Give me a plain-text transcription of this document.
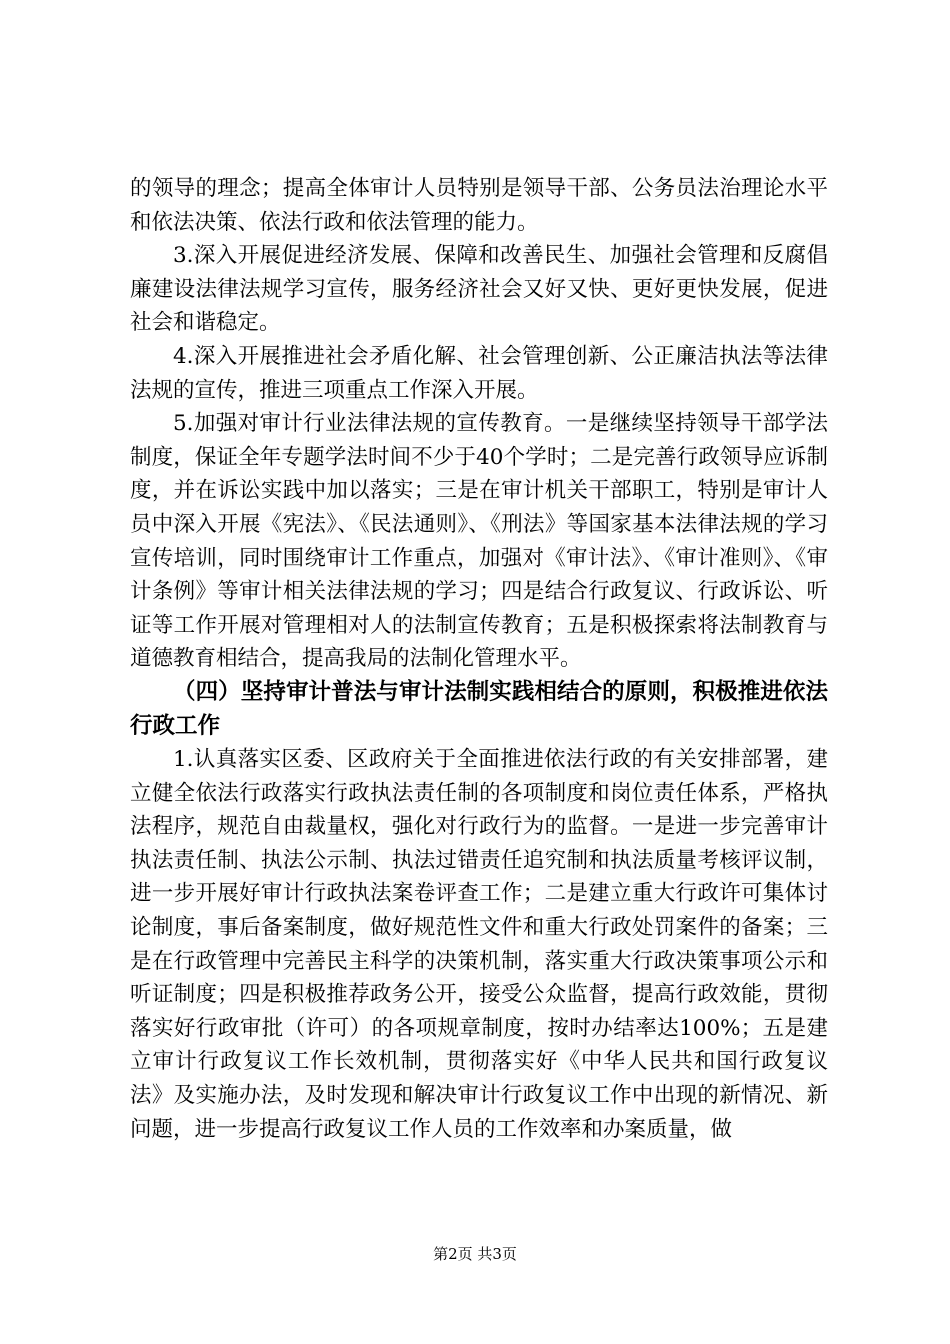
的领导的理念；提高全体审计人员特别是领导干部、公务员法治理论水平和依法决策、依法行政和依法管理的能力。

3.深入开展促进经济发展、保障和改善民生、加强社会管理和反腐倡廉建设法律法规学习宣传，服务经济社会又好又快、更好更快发展，促进社会和谐稳定。

4.深入开展推进社会矛盾化解、社会管理创新、公正廉洁执法等法律法规的宣传，推进三项重点工作深入开展。

5.加强对审计行业法律法规的宣传教育。一是继续坚持领导干部学法制度，保证全年专题学法时间不少于40个学时；二是完善行政领导应诉制度，并在诉讼实践中加以落实；三是在审计机关干部职工，特别是审计人员中深入开展《宪法》、《民法通则》、《刑法》等国家基本法律法规的学习宣传培训，同时围绕审计工作重点，加强对《审计法》、《审计准则》、《审计条例》等审计相关法律法规的学习；四是结合行政复议、行政诉讼、听证等工作开展对管理相对人的法制宣传教育；五是积极探索将法制教育与道德教育相结合，提高我局的法制化管理水平。

（四）坚持审计普法与审计法制实践相结合的原则，积极推进依法行政工作

1.认真落实区委、区政府关于全面推进依法行政的有关安排部署，建立健全依法行政落实行政执法责任制的各项制度和岗位责任体系，严格执法程序，规范自由裁量权，强化对行政行为的监督。一是进一步完善审计执法责任制、执法公示制、执法过错责任追究制和执法质量考核评议制，进一步开展好审计行政执法案卷评查工作；二是建立重大行政许可集体讨论制度，事后备案制度，做好规范性文件和重大行政处罚案件的备案；三是在行政管理中完善民主科学的决策机制，落实重大行政决策事项公示和听证制度；四是积极推荐政务公开，接受公众监督，提高行政效能，贯彻落实好行政审批（许可）的各项规章制度，按时办结率达100%；五是建立审计行政复议工作长效机制，贯彻落实好《中华人民共和国行政复议法》及实施办法，及时发现和解决审计行政复议工作中出现的新情况、新问题，进一步提高行政复议工作人员的工作效率和办案质量，做

第2页 共3页
